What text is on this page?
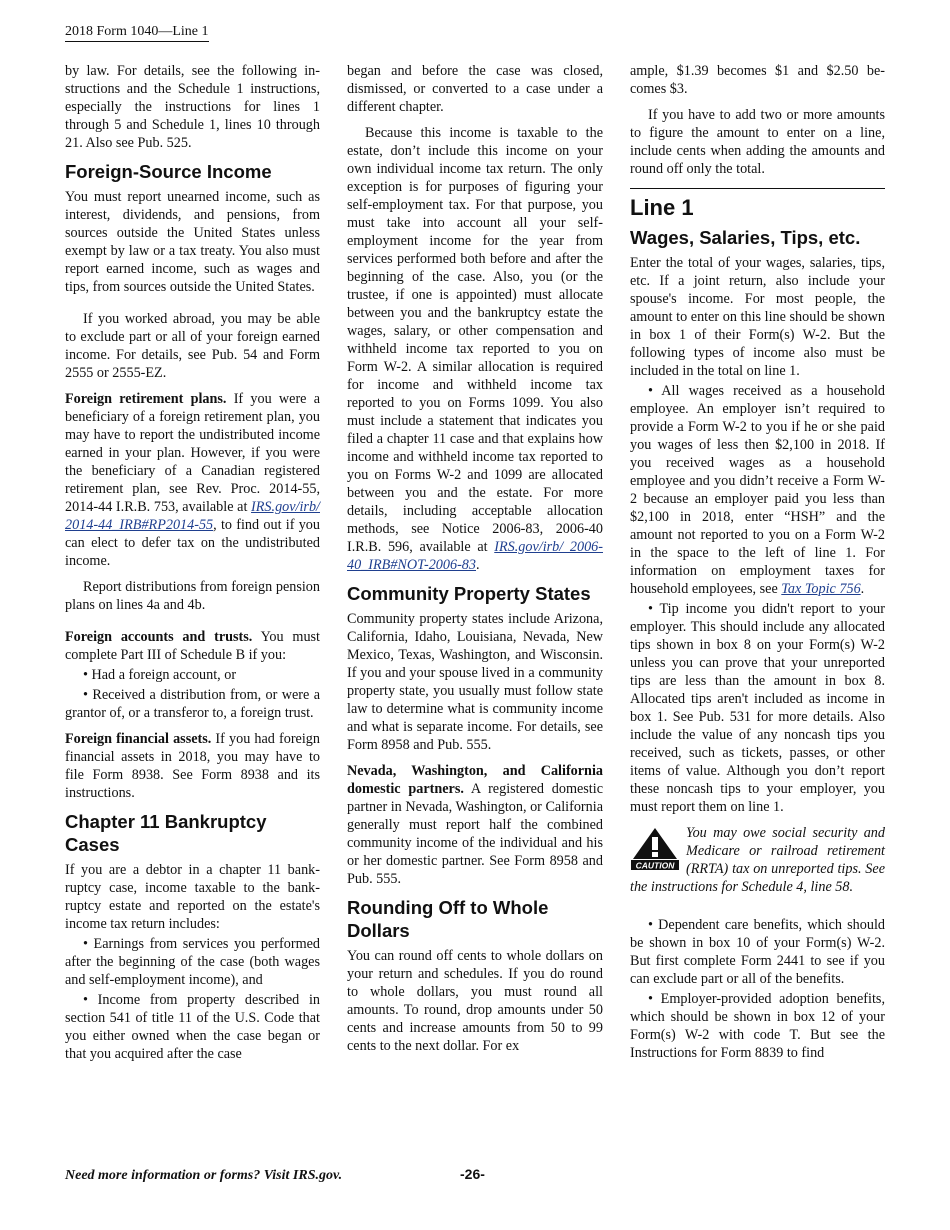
2018 Form 1040—Line 1

by law. For details, see the following instructions and the Schedule 1 instructions, especially the instructions for lines 1 through 5 and Schedule 1, lines 10 through 21. Also see Pub. 525.

Foreign-Source Income

You must report unearned income, such as interest, dividends, and pensions, from sources outside the United States unless exempt by law or a tax treaty. You also must report earned income, such as wages and tips, from sources outside the United States.

If you worked abroad, you may be able to exclude part or all of your foreign earned income. For details, see Pub. 54 and Form 2555 or 2555-EZ.

Foreign retirement plans. If you were a beneficiary of a foreign retirement plan, you may have to report the undistributed income earned in your plan. However, if you were the beneficiary of a Canadian registered retirement plan, see Rev. Proc. 2014-55, 2014-44 I.R.B. 753, available at IRS.gov/irb/ 2014-44_IRB#RP2014-55, to find out if you can elect to defer tax on the undistributed income.

Report distributions from foreign pension plans on lines 4a and 4b.

Foreign accounts and trusts. You must complete Part III of Schedule B if you:

• Had a foreign account, or

• Received a distribution from, or were a grantor of, or a transferor to, a foreign trust.

Foreign financial assets. If you had foreign financial assets in 2018, you may have to file Form 8938. See Form 8938 and its instructions.

Chapter 11 Bankruptcy Cases

If you are a debtor in a chapter 11 bankruptcy case, income taxable to the bankruptcy estate and reported on the estate's income tax return includes:

• Earnings from services you performed after the beginning of the case (both wages and self-employment income), and

• Income from property described in section 541 of title 11 of the U.S. Code that you either owned when the case began or that you acquired after the case

began and before the case was closed, dismissed, or converted to a case under a different chapter.

Because this income is taxable to the estate, don’t include this income on your own individual income tax return. The only exception is for purposes of figuring your self-employment tax. For that purpose, you must take into account all your self-employment income for the year from services performed both before and after the beginning of the case. Also, you (or the trustee, if one is appointed) must allocate between you and the bankruptcy estate the wages, salary, or other compensation and withheld income tax reported to you on Form W-2. A similar allocation is required for income and withheld income tax reported to you on Forms 1099. You also must include a statement that indicates you filed a chapter 11 case and that explains how income and withheld income tax reported to you on Forms W-2 and 1099 are allocated between you and the estate. For more details, including acceptable allocation methods, see Notice 2006-83, 2006-40 I.R.B. 596, available at IRS.gov/irb/ 2006-40_IRB#NOT-2006-83.

Community Property States

Community property states include Arizona, California, Idaho, Louisiana, Nevada, New Mexico, Texas, Washington, and Wisconsin. If you and your spouse lived in a community property state, you usually must follow state law to determine what is community income and what is separate income. For details, see Form 8958 and Pub. 555.

Nevada, Washington, and California domestic partners. A registered domestic partner in Nevada, Washington, or California generally must report half the combined community income of the individual and his or her domestic partner. See Form 8958 and Pub. 555.

Rounding Off to Whole Dollars

You can round off cents to whole dollars on your return and schedules. If you do round to whole dollars, you must round all amounts. To round, drop amounts under 50 cents and increase amounts from 50 to 99 cents to the next dollar. For ex

ample, $1.39 becomes $1 and $2.50 becomes $3.

If you have to add two or more amounts to figure the amount to enter on a line, include cents when adding the amounts and round off only the total.

Line 1
Wages, Salaries, Tips, etc.

Enter the total of your wages, salaries, tips, etc. If a joint return, also include your spouse's income. For most people, the amount to enter on this line should be shown in box 1 of their Form(s) W-2. But the following types of income also must be included in the total on line 1.

• All wages received as a household employee. An employer isn’t required to provide a Form W-2 to you if he or she paid you wages of less then $2,100 in 2018. If you received wages as a household employee and you didn’t receive a Form W-2 because an employer paid you less than $2,100 in 2018, enter “HSH” and the amount not reported to you on a Form W-2 in the space to the left of line 1. For information on employment taxes for household employees, see Tax Topic 756.

• Tip income you didn't report to your employer. This should include any allocated tips shown in box 8 on your Form(s) W-2 unless you can prove that your unreported tips are less than the amount in box 8. Allocated tips aren't included as income in box 1. See Pub. 531 for more details. Also include the value of any noncash tips you received, such as tickets, passes, or other items of value. Although you don’t report these noncash tips to your employer, you must report them on line 1.

CAUTION
You may owe social security and Medicare or railroad retirement (RRTA) tax on unreported tips. See the instructions for Schedule 4, line 58.

• Dependent care benefits, which should be shown in box 10 of your Form(s) W-2. But first complete Form 2441 to see if you can exclude part or all of the benefits.

• Employer-provided adoption benefits, which should be shown in box 12 of your Form(s) W-2 with code T. But see the Instructions for Form 8839 to find

Need more information or forms? Visit IRS.gov.	-26-
